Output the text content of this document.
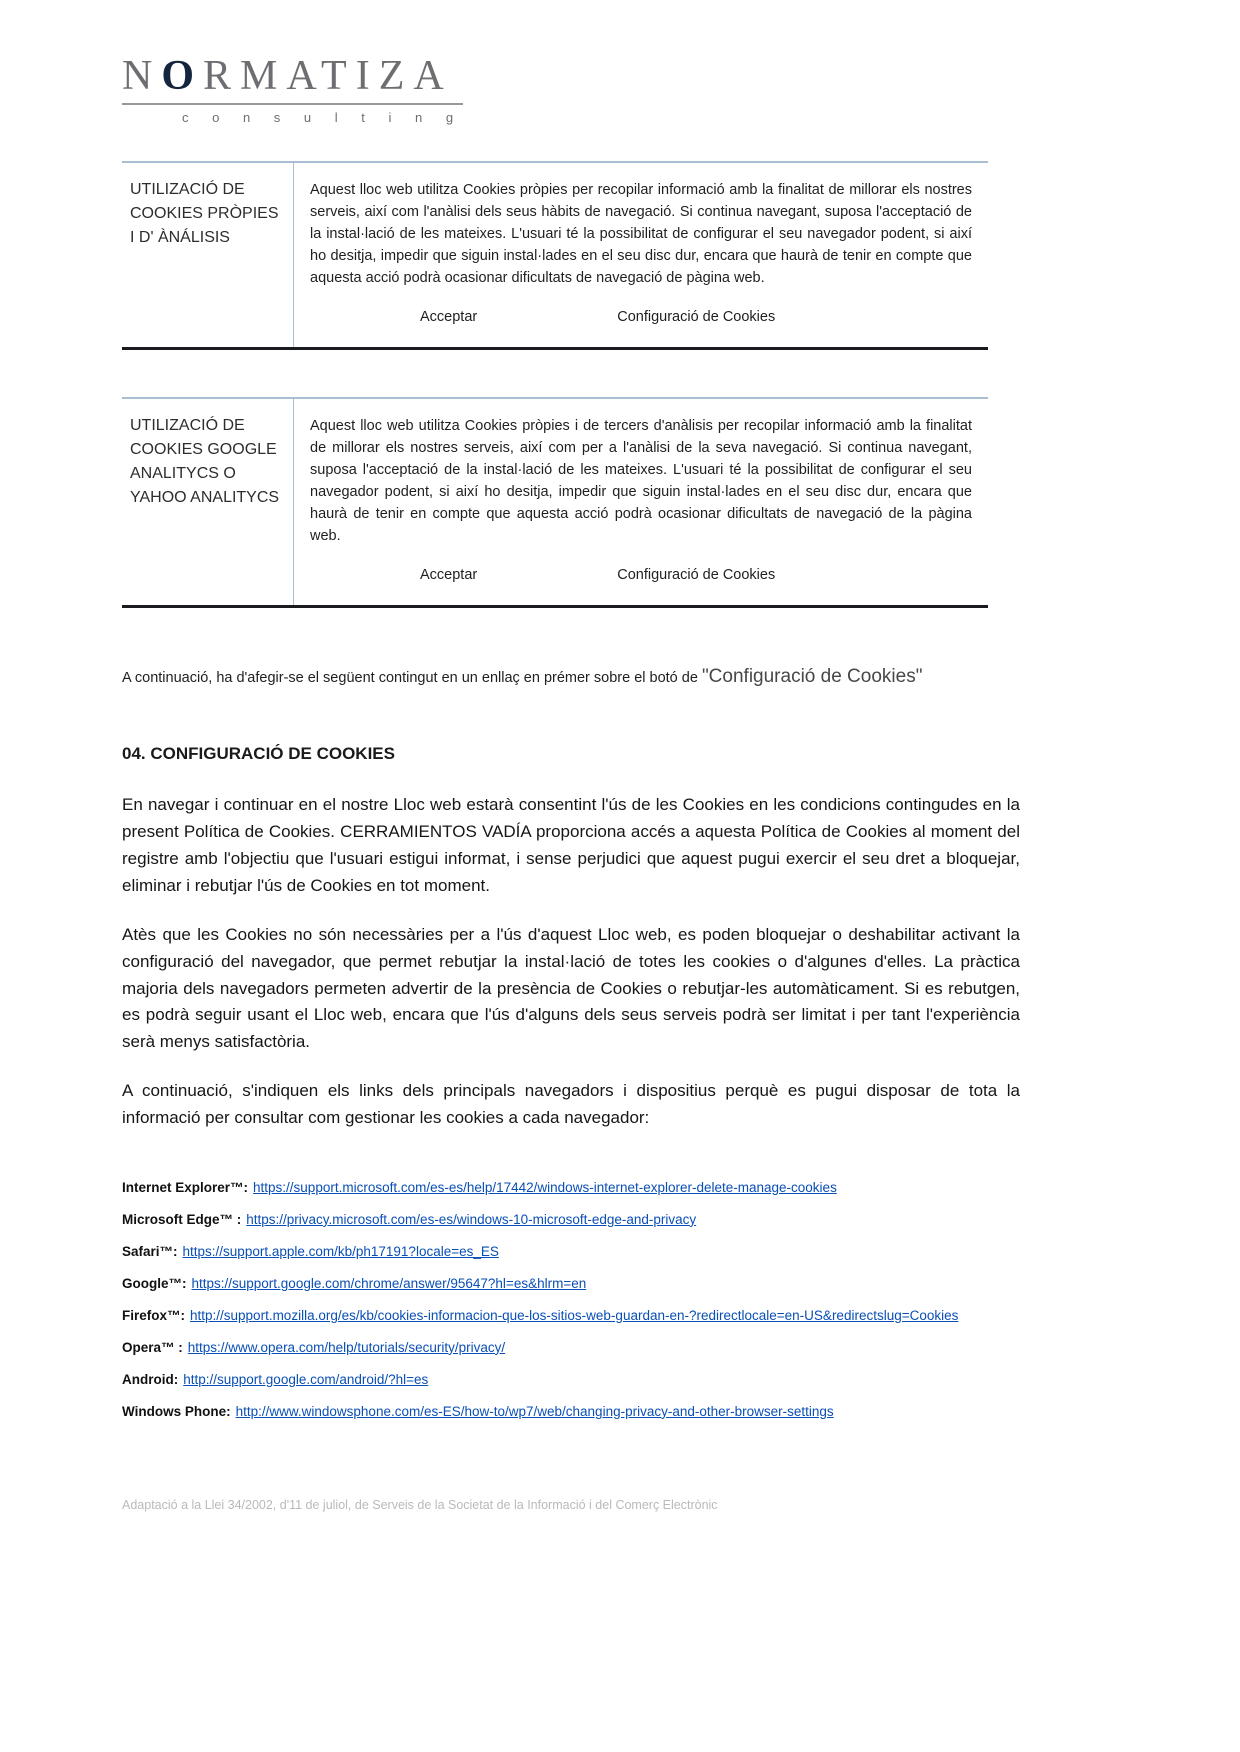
NORMATIZA
c o n s u l t i n g
UTILIZACIÓ DE COOKIES PRÒPIES I D' ÀNÁLISIS
Aquest lloc web utilitza Cookies pròpies per recopilar informació amb la finalitat de millorar els nostres serveis, així com l'anàlisi dels seus hàbits de navegació. Si continua navegant, suposa l'acceptació de la instal·lació de les mateixes. L'usuari té la possibilitat de configurar el seu navegador podent, si així ho desitja, impedir que siguin instal·lades en el seu disc dur, encara que haurà de tenir en compte que aquesta acció podrà ocasionar dificultats de navegació de pàgina web.
Acceptar	Configuració de Cookies
UTILIZACIÓ DE COOKIES GOOGLE ANALITYCS O YAHOO ANALITYCS
Aquest lloc web utilitza Cookies pròpies i de tercers d'anàlisis per recopilar informació amb la finalitat de millorar els nostres serveis, així com per a l'anàlisi de la seva navegació. Si continua navegant, suposa l'acceptació de la instal·lació de les mateixes. L'usuari té la possibilitat de configurar el seu navegador podent, si així ho desitja, impedir que siguin instal·lades en el seu disc dur, encara que haurà de tenir en compte que aquesta acció podrà ocasionar dificultats de navegació de la pàgina web.
Acceptar	Configuració de Cookies
A continuació, ha d'afegir-se el següent contingut en un enllaç en prémer sobre el botó de "Configuració de Cookies"
04. CONFIGURACIÓ DE COOKIES

En navegar i continuar en el nostre Lloc web estarà consentint l'ús de les Cookies en les condicions contingudes en la present Política de Cookies. CERRAMIENTOS VADÍA proporciona accés a aquesta Política de Cookies al moment del registre amb l'objectiu que l'usuari estigui informat, i sense perjudici que aquest pugui exercir el seu dret a bloquejar, eliminar i rebutjar l'ús de Cookies en tot moment.

Atès que les Cookies no són necessàries per a l'ús d'aquest Lloc web, es poden bloquejar o deshabilitar activant la configuració del navegador, que permet rebutjar la instal·lació de totes les cookies o d'algunes d'elles. La pràctica majoria dels navegadors permeten advertir de la presència de Cookies o rebutjar-les automàticament. Si es rebutgen, es podrà seguir usant el Lloc web, encara que l'ús d'alguns dels seus serveis podrà ser limitat i per tant l'experiència serà menys satisfactòria.

A continuació, s'indiquen els links dels principals navegadors i dispositius perquè es pugui disposar de tota la informació per consultar com gestionar les cookies a cada navegador:

Internet Explorer™: https://support.microsoft.com/es-es/help/17442/windows-internet-explorer-delete-manage-cookies
Microsoft Edge™ : https://privacy.microsoft.com/es-es/windows-10-microsoft-edge-and-privacy
Safari™: https://support.apple.com/kb/ph17191?locale=es_ES
Google™: https://support.google.com/chrome/answer/95647?hl=es&hlrm=en
Firefox™: http://support.mozilla.org/es/kb/cookies-informacion-que-los-sitios-web-guardan-en-?redirectlocale=en-US&redirectslug=Cookies
Opera™ : https://www.opera.com/help/tutorials/security/privacy/
Android: http://support.google.com/android/?hl=es
Windows Phone: http://www.windowsphone.com/es-ES/how-to/wp7/web/changing-privacy-and-other-browser-settings
Adaptació a la Llei 34/2002, d'11 de juliol, de Serveis de la Societat de la Informació i del Comerç Electrònic
